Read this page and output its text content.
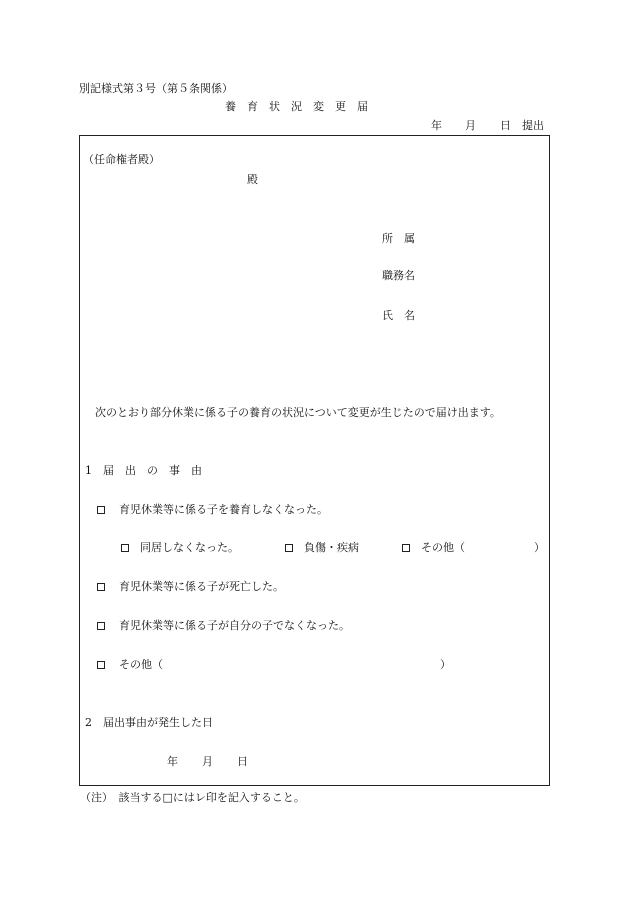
別記様式第３号（第５条関係）
養育状況変更届
年 月 日 提出
（任命権者殿）
殿
所　属
職務名
氏　名
次のとおり部分休業に係る子の養育の状況について変更が生じたので届け出ます。
1　届　出　の　事　由
育児休業等に係る子を養育しなくなった。
同居しなくなった。	負傷・疾病	その他（	）
育児休業等に係る子が死亡した。
育児休業等に係る子が自分の子でなくなった。
その他（	）
2　届出事由が発生した日
年 月 日
（注）　該当する□にはレ印を記入すること。
